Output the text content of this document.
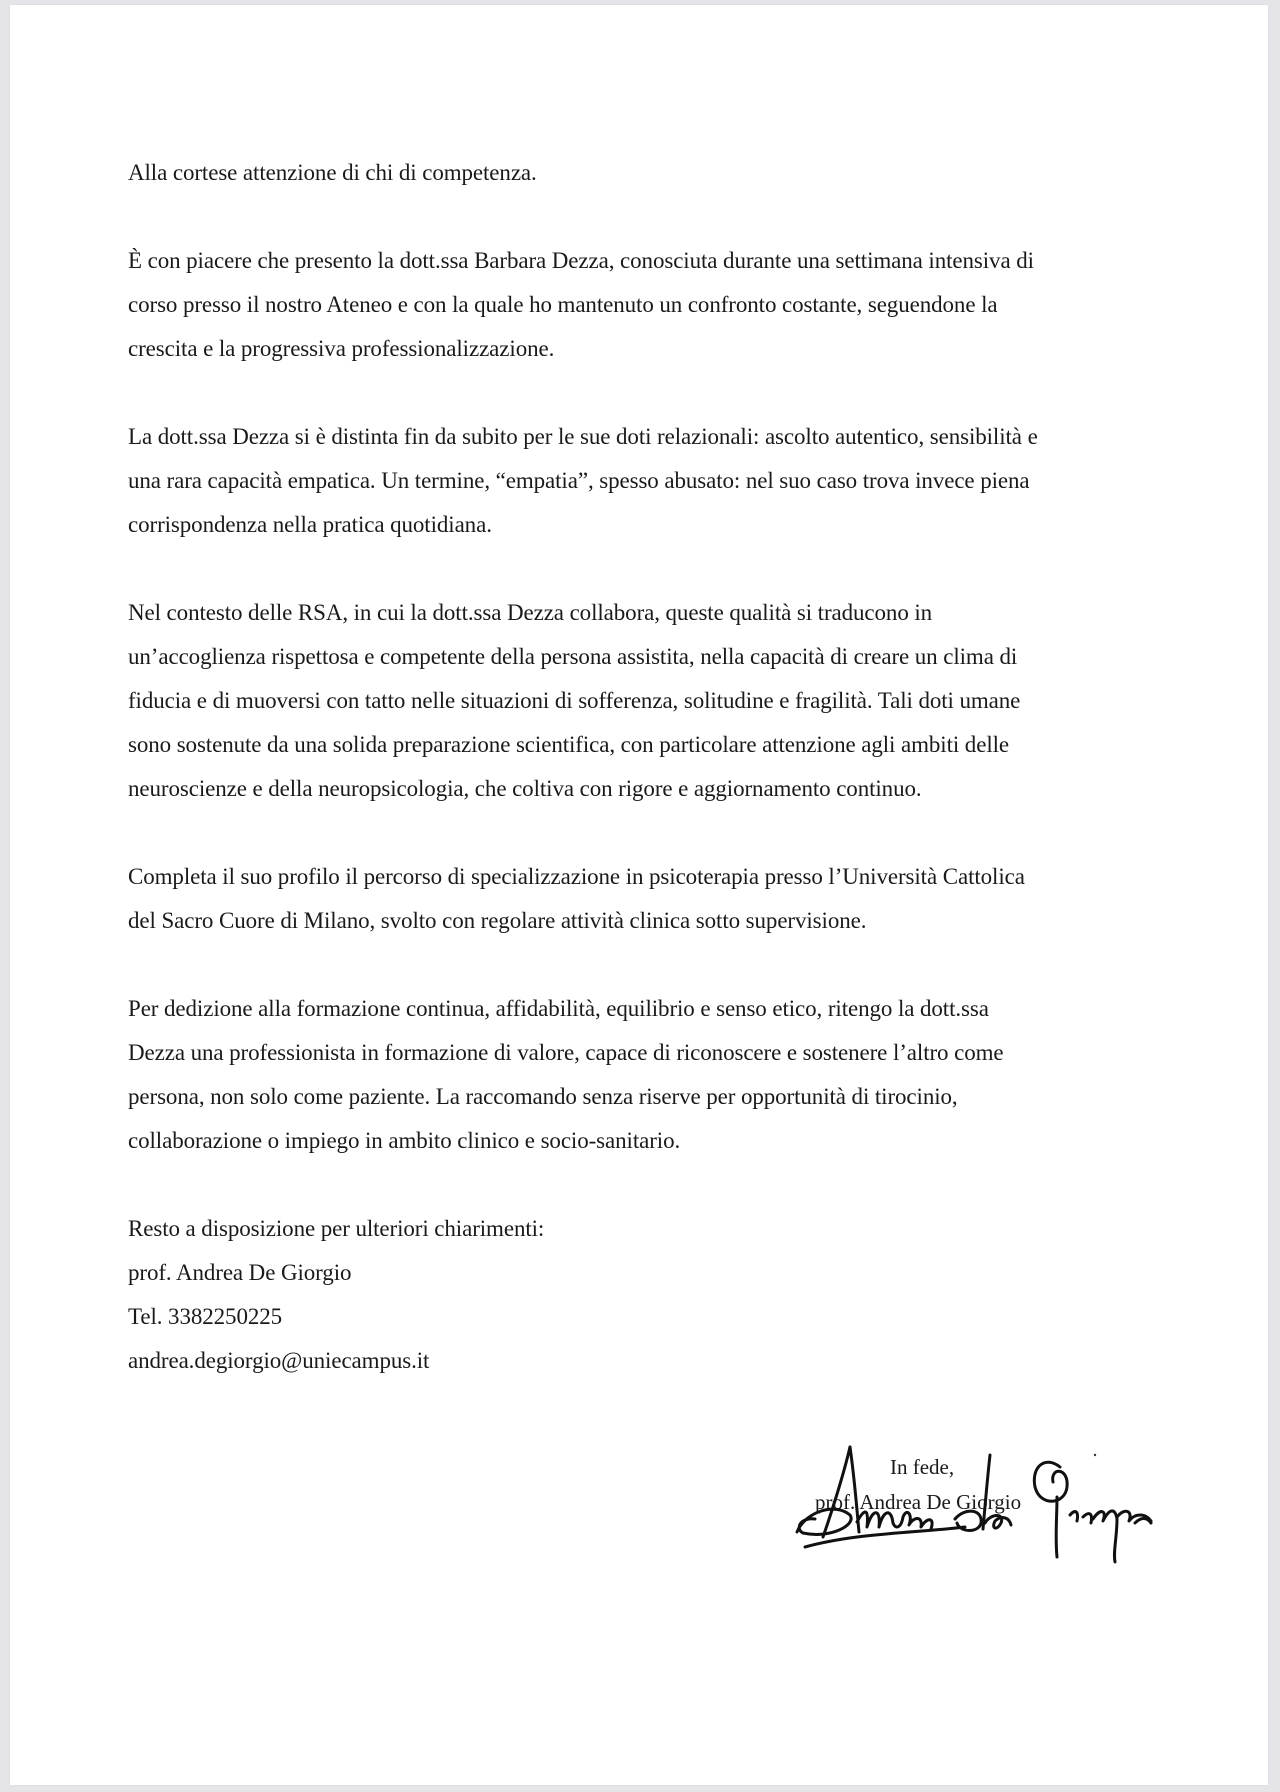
Alla cortese attenzione di chi di competenza.

È con piacere che presento la dott.ssa Barbara Dezza, conosciuta durante una settimana intensiva di
corso presso il nostro Ateneo e con la quale ho mantenuto un confronto costante, seguendone la
crescita e la progressiva professionalizzazione.

La dott.ssa Dezza si è distinta fin da subito per le sue doti relazionali: ascolto autentico, sensibilità e
una rara capacità empatica. Un termine, “empatia”, spesso abusato: nel suo caso trova invece piena
corrispondenza nella pratica quotidiana.

Nel contesto delle RSA, in cui la dott.ssa Dezza collabora, queste qualità si traducono in
un’accoglienza rispettosa e competente della persona assistita, nella capacità di creare un clima di
fiducia e di muoversi con tatto nelle situazioni di sofferenza, solitudine e fragilità. Tali doti umane
sono sostenute da una solida preparazione scientifica, con particolare attenzione agli ambiti delle
neuroscienze e della neuropsicologia, che coltiva con rigore e aggiornamento continuo.

Completa il suo profilo il percorso di specializzazione in psicoterapia presso l’Università Cattolica
del Sacro Cuore di Milano, svolto con regolare attività clinica sotto supervisione.

Per dedizione alla formazione continua, affidabilità, equilibrio e senso etico, ritengo la dott.ssa
Dezza una professionista in formazione di valore, capace di riconoscere e sostenere l’altro come
persona, non solo come paziente. La raccomando senza riserve per opportunità di tirocinio,
collaborazione o impiego in ambito clinico e socio-sanitario.

Resto a disposizione per ulteriori chiarimenti:
prof. Andrea De Giorgio
Tel. 3382250225
andrea.degiorgio@uniecampus.it
In fede,
prof. Andrea De Giorgio
